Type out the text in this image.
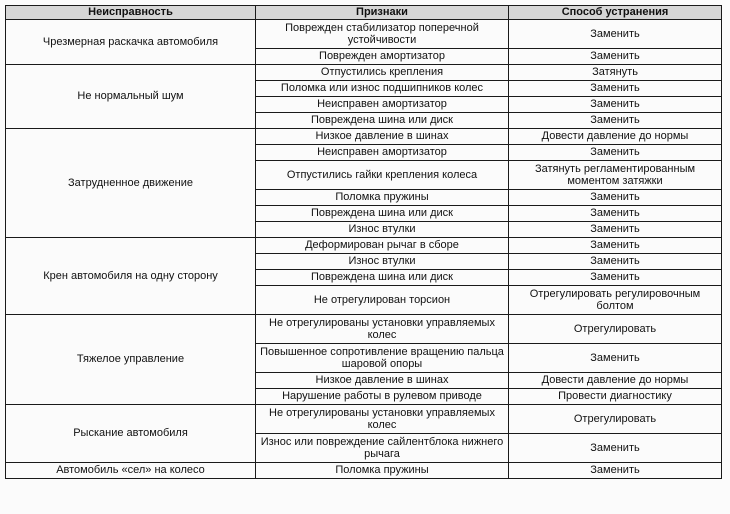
Неисправность	Признаки	Способ устранения
Чрезмерная раскачка автомобиля	Поврежден стабилизатор поперечной устойчивости	Заменить
	Поврежден амортизатор	Заменить
Не нормальный шум	Отпустились крепления	Затянуть
	Поломка или износ подшипников колес	Заменить
	Неисправен амортизатор	Заменить
	Повреждена шина или диск	Заменить
Затрудненное движение	Низкое давление в шинах	Довести давление до нормы
	Неисправен амортизатор	Заменить
	Отпустились гайки крепления колеса	Затянуть регламентированным моментом затяжки
	Поломка пружины	Заменить
	Повреждена шина или диск	Заменить
	Износ втулки	Заменить
Крен автомобиля на одну сторону	Деформирован рычаг в сборе	Заменить
	Износ втулки	Заменить
	Повреждена шина или диск	Заменить
	Не отрегулирован торсион	Отрегулировать регулировочным болтом
Тяжелое управление	Не отрегулированы установки управляемых колес	Отрегулировать
	Повышенное сопротивление вращению пальца шаровой опоры	Заменить
	Низкое давление в шинах	Довести давление до нормы
	Нарушение работы в рулевом приводе	Провести диагностику
Рыскание автомобиля	Не отрегулированы установки управляемых колес	Отрегулировать
	Износ или повреждение сайлентблока нижнего рычага	Заменить
Автомобиль «сел» на колесо	Поломка пружины	Заменить
